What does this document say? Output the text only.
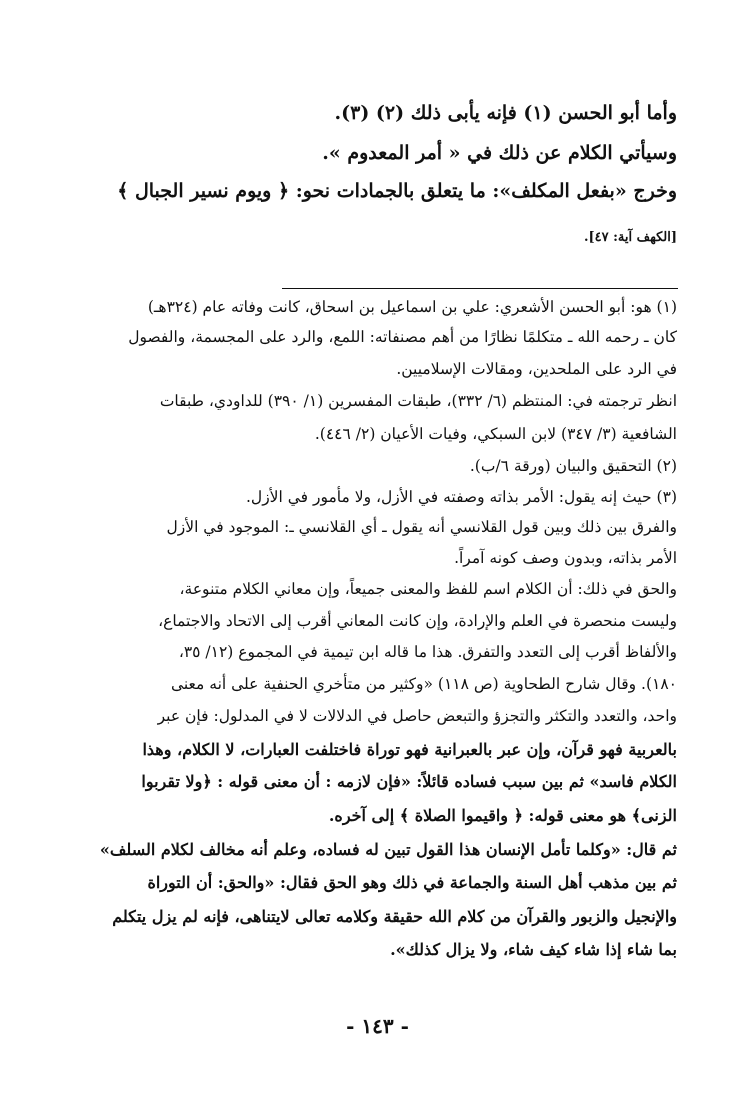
وأما أبو الحسن (١) فإنه يأبى ذلك (٢) (٣).
وسيأتي الكلام عن ذلك في « أمر المعدوم ».
وخرج «بفعل المكلف»: ما يتعلق بالجمادات نحو: ﴿ ويوم نسير الجبال ﴾
[الكهف آية: ٤٧].
(١) هو: أبو الحسن الأشعري: علي بن اسماعيل بن اسحاق، كانت وفاته عام (٣٢٤هـ)
كان ـ رحمه الله ـ متكلمًا نظارًا من أهم مصنفاته: اللمع، والرد على المجسمة، والفصول
في الرد على الملحدين، ومقالات الإسلاميين.
انظر ترجمته في: المنتظم (٦/ ٣٣٢)، طبقات المفسرين (١/ ٣٩٠) للداودي، طبقات
الشافعية (٣/ ٣٤٧) لابن السبكي، وفيات الأعيان (٢/ ٤٤٦).
(٢) التحقيق والبيان (ورقة ٦/ب).
(٣) حيث إنه يقول: الأمر بذاته وصفته في الأزل، ولا مأمور في الأزل.
والفرق بين ذلك وبين قول القلانسي أنه يقول ـ أي القلانسي ـ: الموجود في الأزل
الأمر بذاته، وبدون وصف كونه آمراً.
والحق في ذلك: أن الكلام اسم للفظ والمعنى جميعاً، وإن معاني الكلام متنوعة،
وليست منحصرة في العلم والإرادة، وإن كانت المعاني أقرب إلى الاتحاد والاجتماع،
والألفاظ أقرب إلى التعدد والتفرق. هذا ما قاله ابن تيمية في المجموع (١٢/ ٣٥،
١٨٠). وقال شارح الطحاوية (ص ١١٨) «وكثير من متأخري الحنفية على أنه معنى
واحد، والتعدد والتكثر والتجزؤ والتبعض حاصل في الدلالات لا في المدلول: فإن عبر
بالعربية فهو قرآن، وإن عبر بالعبرانية فهو توراة فاختلفت العبارات، لا الكلام، وهذا
الكلام فاسد» ثم بين سبب فساده قائلاً: «فإن لازمه : أن معنى قوله : ﴿ولا تقربوا
الزنى﴾ هو معنى قوله: ﴿ واقيموا الصلاة ﴾ إلى آخره.
ثم قال: «وكلما تأمل الإنسان هذا القول تبين له فساده، وعلم أنه مخالف لكلام السلف»
ثم بين مذهب أهل السنة والجماعة في ذلك وهو الحق فقال: «والحق: أن التوراة
والإنجيل والزبور والقرآن من كلام الله حقيقة وكلامه تعالى لايتناهى، فإنه لم يزل يتكلم
بما شاء إذا شاء كيف شاء، ولا يزال كذلك».
- ١٤٣ -
